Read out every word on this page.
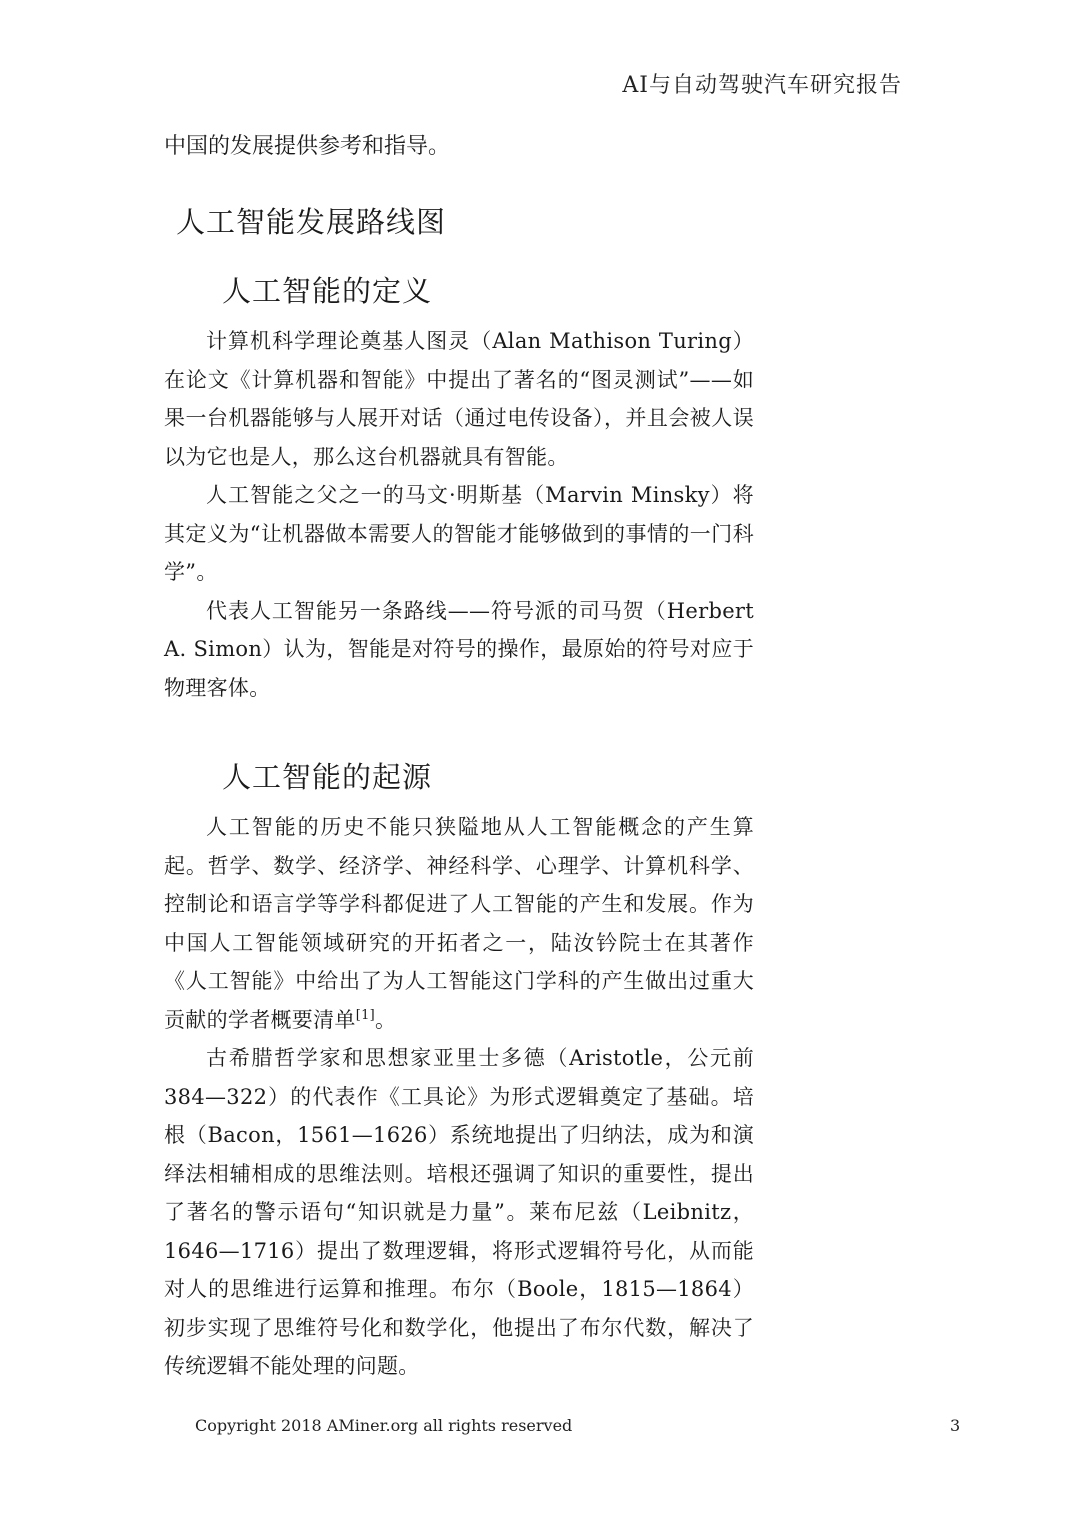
AI与自动驾驶汽车研究报告

中国的发展提供参考和指导。

人工智能发展路线图
人工智能的定义

计算机科学理论奠基人图灵（Alan Mathison Turing）在论文《计算机器和智能》中提出了著名的“图灵测试”——如果一台机器能够与人展开对话（通过电传设备），并且会被人误以为它也是人，那么这台机器就具有智能。

人工智能之父之一的马文·明斯基（Marvin Minsky）将其定义为“让机器做本需要人的智能才能够做到的事情的一门科学”。

代表人工智能另一条路线——符号派的司马贺（Herbert A. Simon）认为，智能是对符号的操作，最原始的符号对应于物理客体。

人工智能的起源

人工智能的历史不能只狭隘地从人工智能概念的产生算起。哲学、数学、经济学、神经科学、心理学、计算机科学、控制论和语言学等学科都促进了人工智能的产生和发展。作为中国人工智能领域研究的开拓者之一，陆汝钤院士在其著作《人工智能》中给出了为人工智能这门学科的产生做出过重大贡献的学者概要清单[1]。

古希腊哲学家和思想家亚里士多德（Aristotle，公元前384—322）的代表作《工具论》为形式逻辑奠定了基础。培根（Bacon，1561—1626）系统地提出了归纳法，成为和演绎法相辅相成的思维法则。培根还强调了知识的重要性，提出了著名的警示语句“知识就是力量”。莱布尼兹（Leibnitz，1646—1716）提出了数理逻辑，将形式逻辑符号化，从而能对人的思维进行运算和推理。布尔（Boole，1815—1864）初步实现了思维符号化和数学化，他提出了布尔代数，解决了传统逻辑不能处理的问题。

Copyright 2018 AMiner.org all rights reserved	3
